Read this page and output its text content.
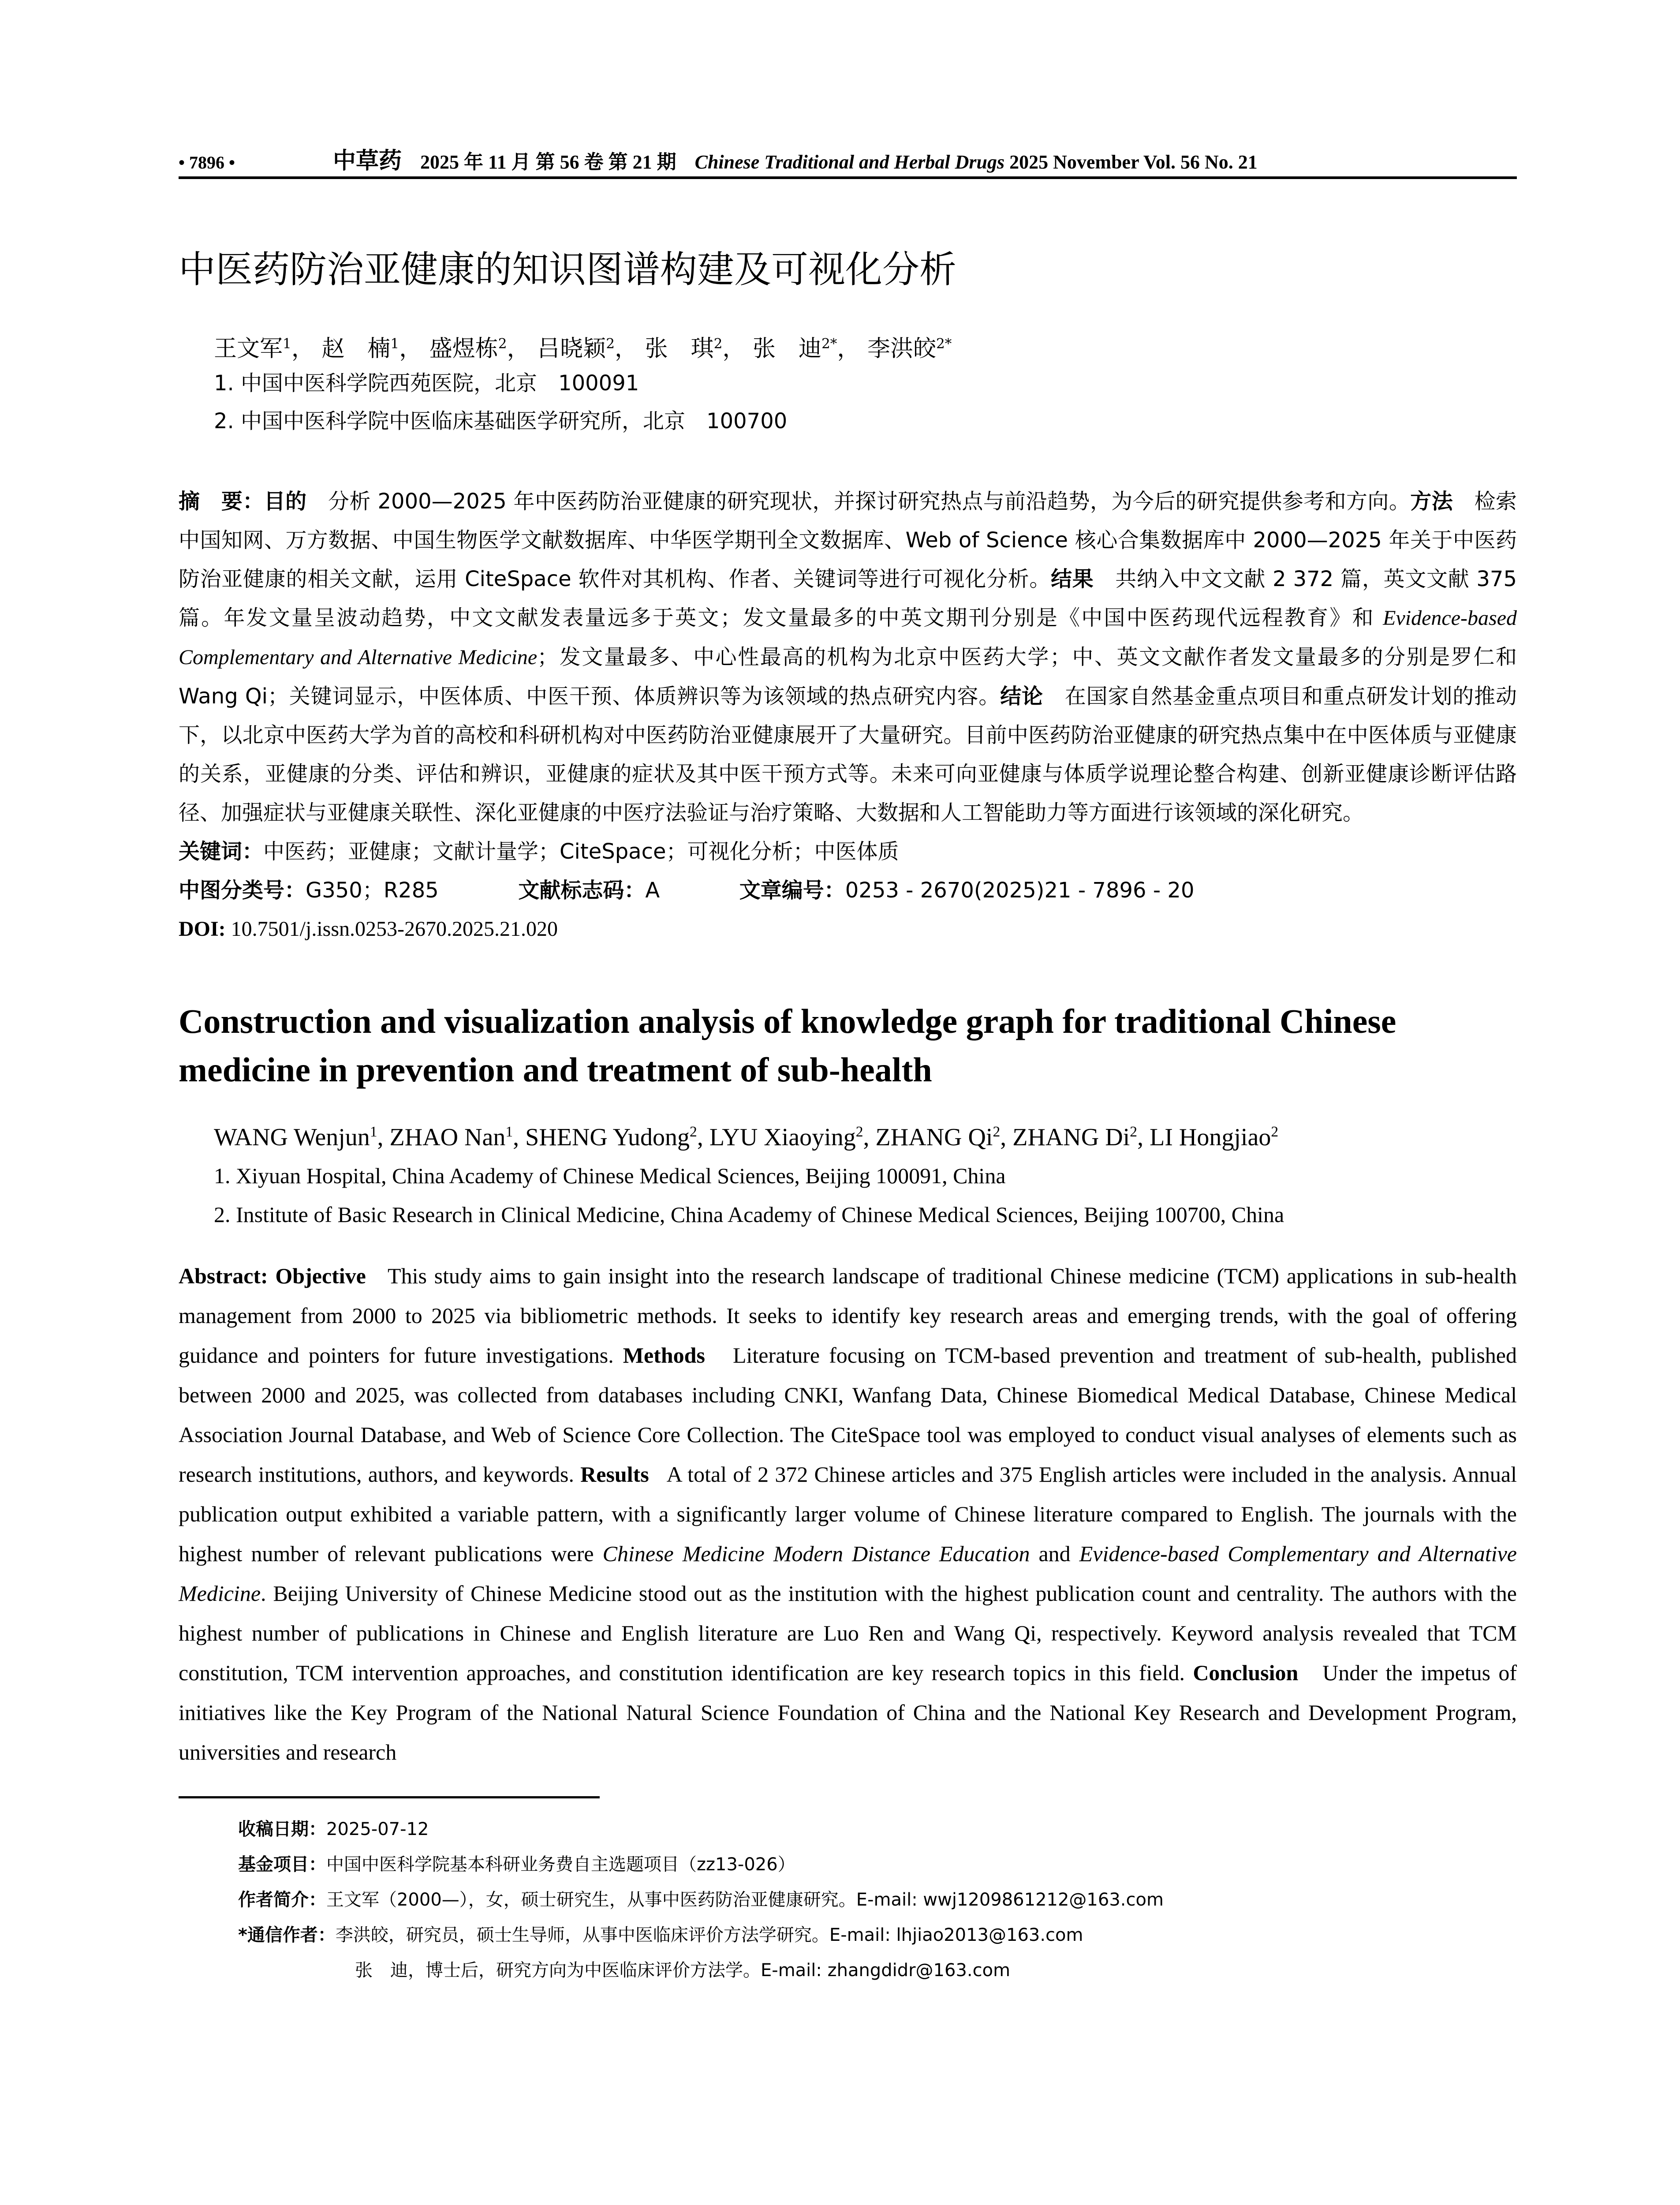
• 7896 •	中草药 2025 年 11 月 第 56 卷 第 21 期 Chinese Traditional and Herbal Drugs 2025 November Vol. 56 No. 21
中医药防治亚健康的知识图谱构建及可视化分析
王文军$^1$， 赵　楠$^1$， 盛煜栋$^2$， 吕晓颖$^2$， 张　琪$^2$， 张　迪$^{2*}$， 李洪皎$^{2*}$
1. 中国中医科学院西苑医院，北京　100091
2. 中国中医科学院中医临床基础医学研究所，北京　100700
摘　要：目的　分析 2000—2025 年中医药防治亚健康的研究现状，并探讨研究热点与前沿趋势，为今后的研究提供参考和方向。方法　检索中国知网、万方数据、中国生物医学文献数据库、中华医学期刊全文数据库、Web of Science 核心合集数据库中 2000—2025 年关于中医药防治亚健康的相关文献，运用 CiteSpace 软件对其机构、作者、关键词等进行可视化分析。结果　共纳入中文文献 2 372 篇，英文文献 375 篇。年发文量呈波动趋势，中文文献发表量远多于英文；发文量最多的中英文期刊分别是《中国中医药现代远程教育》和 Evidence-based Complementary and Alternative Medicine；发文量最多、中心性最高的机构为北京中医药大学；中、英文文献作者发文量最多的分别是罗仁和 Wang Qi；关键词显示，中医体质、中医干预、体质辨识等为该领域的热点研究内容。结论　在国家自然基金重点项目和重点研发计划的推动下，以北京中医药大学为首的高校和科研机构对中医药防治亚健康展开了大量研究。目前中医药防治亚健康的研究热点集中在中医体质与亚健康的关系，亚健康的分类、评估和辨识，亚健康的症状及其中医干预方式等。未来可向亚健康与体质学说理论整合构建、创新亚健康诊断评估路径、加强症状与亚健康关联性、深化亚健康的中医疗法验证与治疗策略、大数据和人工智能助力等方面进行该领域的深化研究。
关键词：中医药；亚健康；文献计量学；CiteSpace；可视化分析；中医体质
中图分类号：G350；R285	文献标志码：A	文章编号：0253 - 2670(2025)21 - 7896 - 20
DOI: 10.7501/j.issn.0253-2670.2025.21.020
Construction and visualization analysis of knowledge graph for traditional Chinese medicine in prevention and treatment of sub-health
WANG Wenjun$^1$, ZHAO Nan$^1$, SHENG Yudong$^2$, LYU Xiaoying$^2$, ZHANG Qi$^2$, ZHANG Di$^2$, LI Hongjiao$^2$
1. Xiyuan Hospital, China Academy of Chinese Medical Sciences, Beijing 100091, China
2. Institute of Basic Research in Clinical Medicine, China Academy of Chinese Medical Sciences, Beijing 100700, China
Abstract: Objective   This study aims to gain insight into the research landscape of traditional Chinese medicine (TCM) applications in sub-health management from 2000 to 2025 via bibliometric methods. It seeks to identify key research areas and emerging trends, with the goal of offering guidance and pointers for future investigations. Methods   Literature focusing on TCM-based prevention and treatment of sub-health, published between 2000 and 2025, was collected from databases including CNKI, Wanfang Data, Chinese Biomedical Medical Database, Chinese Medical Association Journal Database, and Web of Science Core Collection. The CiteSpace tool was employed to conduct visual analyses of elements such as research institutions, authors, and keywords. Results   A total of 2 372 Chinese articles and 375 English articles were included in the analysis. Annual publication output exhibited a variable pattern, with a significantly larger volume of Chinese literature compared to English. The journals with the highest number of relevant publications were Chinese Medicine Modern Distance Education and Evidence-based Complementary and Alternative Medicine. Beijing University of Chinese Medicine stood out as the institution with the highest publication count and centrality. The authors with the highest number of publications in Chinese and English literature are Luo Ren and Wang Qi, respectively. Keyword analysis revealed that TCM constitution, TCM intervention approaches, and constitution identification are key research topics in this field. Conclusion   Under the impetus of initiatives like the Key Program of the National Natural Science Foundation of China and the National Key Research and Development Program, universities and research
收稿日期：2025-07-12
基金项目：中国中医科学院基本科研业务费自主选题项目（zz13-026）
作者简介：王文军（2000—），女，硕士研究生，从事中医药防治亚健康研究。E-mail: wwj1209861212@163.com
*通信作者：李洪皎，研究员，硕士生导师，从事中医临床评价方法学研究。E-mail: lhjiao2013@163.com
张　迪，博士后，研究方向为中医临床评价方法学。E-mail: zhangdidr@163.com
